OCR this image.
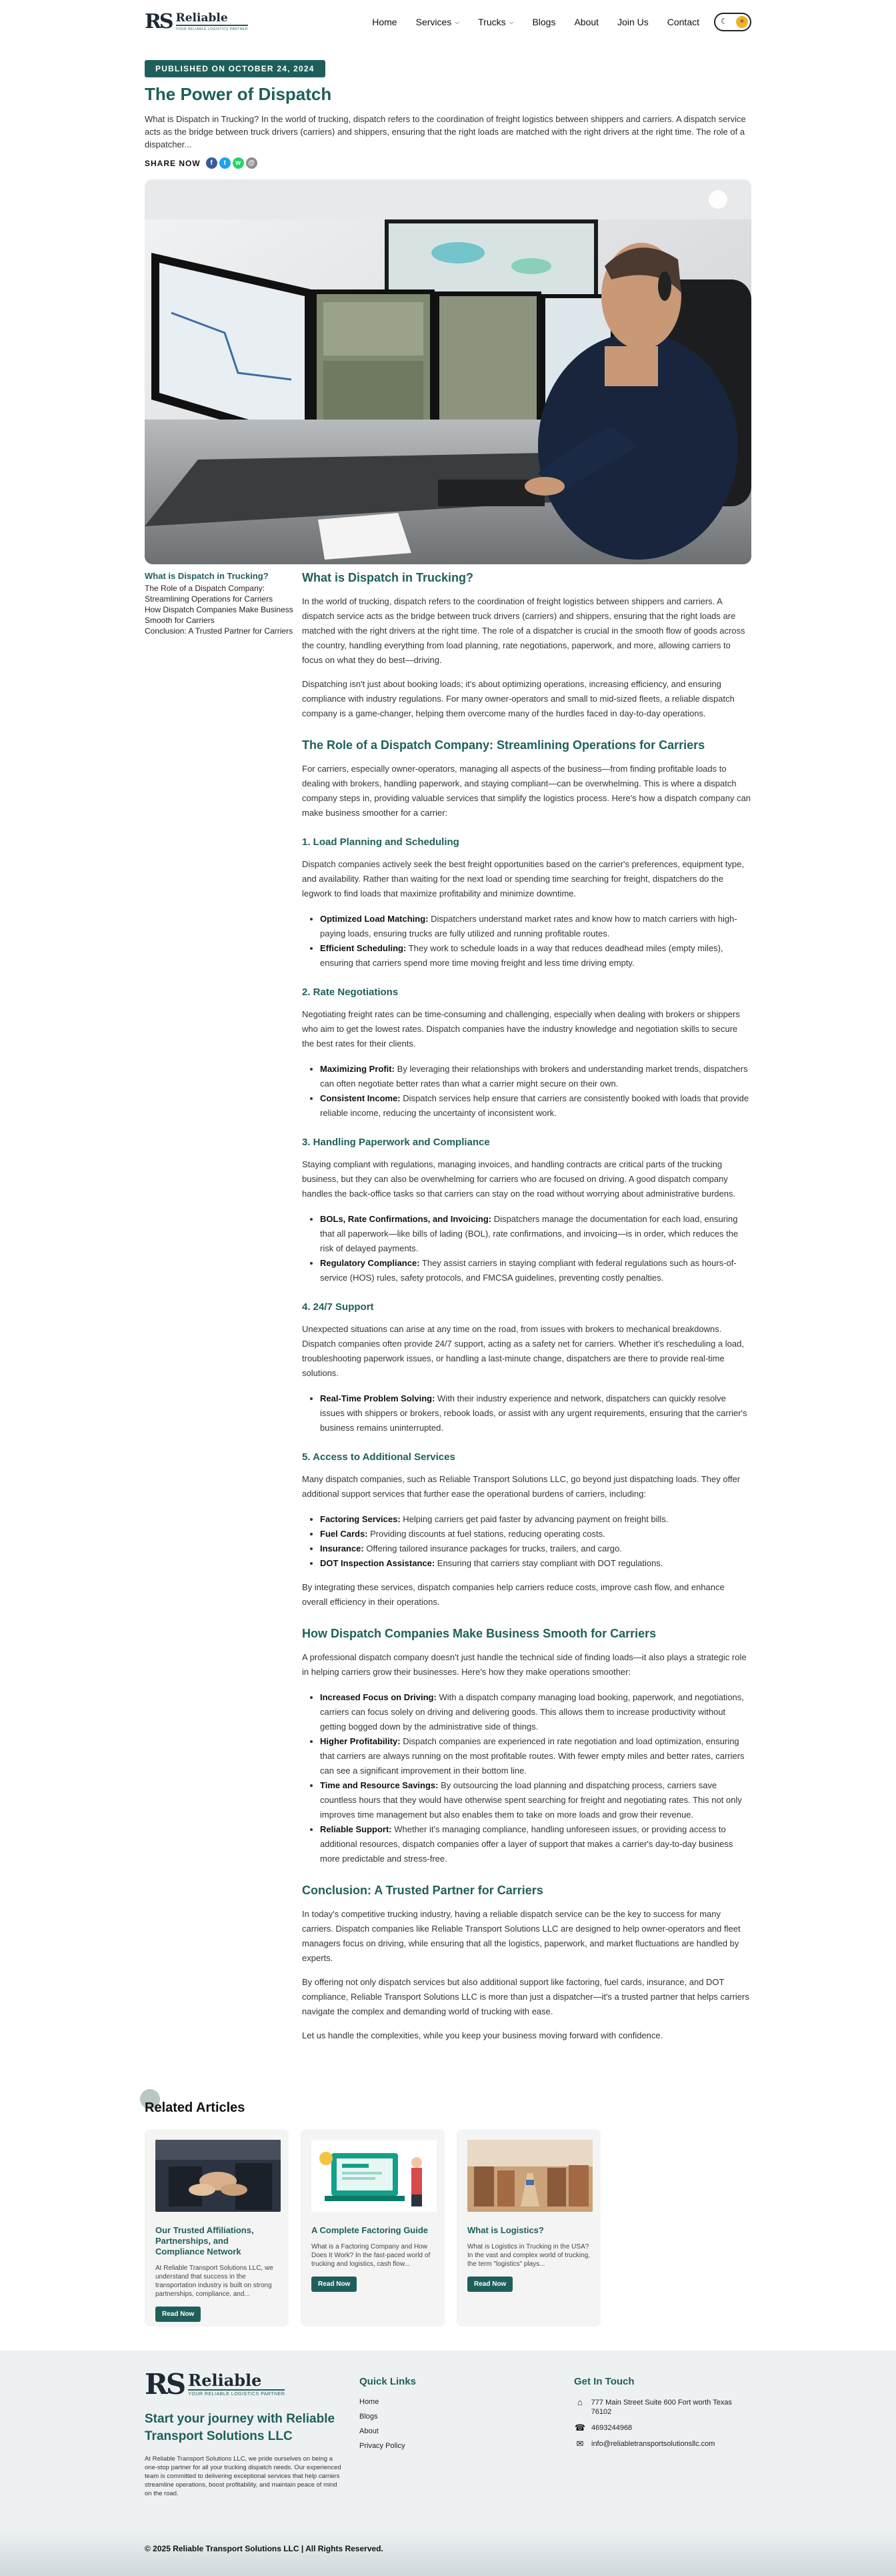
RS Reliable
YOUR RELIABLE LOGISTICS PARTNER
Home Services ⌵ Trucks ⌵ Blogs About Join Us Contact	☾	☀
PUBLISHED ON OCTOBER 24, 2024
The Power of Dispatch

What is Dispatch in Trucking? In the world of trucking, dispatch refers to the coordination of freight logistics between shippers and carriers. A dispatch service acts as the bridge between truck drivers (carriers) and shippers, ensuring that the right loads are matched with the right drivers at the right time. The role of a dispatcher...

SHARE NOW	f	t	w	@
What is Dispatch in Trucking?
The Role of a Dispatch Company: Streamlining Operations for Carriers
How Dispatch Companies Make Business Smooth for Carriers
Conclusion: A Trusted Partner for Carriers
What is Dispatch in Trucking?

In the world of trucking, dispatch refers to the coordination of freight logistics between shippers and carriers. A dispatch service acts as the bridge between truck drivers (carriers) and shippers, ensuring that the right loads are matched with the right drivers at the right time. The role of a dispatcher is crucial in the smooth flow of goods across the country, handling everything from load planning, rate negotiations, paperwork, and more, allowing carriers to focus on what they do best—driving.

Dispatching isn't just about booking loads; it's about optimizing operations, increasing efficiency, and ensuring compliance with industry regulations. For many owner-operators and small to mid-sized fleets, a reliable dispatch company is a game-changer, helping them overcome many of the hurdles faced in day-to-day operations.

The Role of a Dispatch Company: Streamlining Operations for Carriers

For carriers, especially owner-operators, managing all aspects of the business—from finding profitable loads to dealing with brokers, handling paperwork, and staying compliant—can be overwhelming. This is where a dispatch company steps in, providing valuable services that simplify the logistics process. Here's how a dispatch company can make business smoother for a carrier:

1. Load Planning and Scheduling

Dispatch companies actively seek the best freight opportunities based on the carrier's preferences, equipment type, and availability. Rather than waiting for the next load or spending time searching for freight, dispatchers do the legwork to find loads that maximize profitability and minimize downtime.

• Optimized Load Matching: Dispatchers understand market rates and know how to match carriers with high-paying loads, ensuring trucks are fully utilized and running profitable routes.
• Efficient Scheduling: They work to schedule loads in a way that reduces deadhead miles (empty miles), ensuring that carriers spend more time moving freight and less time driving empty.
2. Rate Negotiations

Negotiating freight rates can be time-consuming and challenging, especially when dealing with brokers or shippers who aim to get the lowest rates. Dispatch companies have the industry knowledge and negotiation skills to secure the best rates for their clients.

• Maximizing Profit: By leveraging their relationships with brokers and understanding market trends, dispatchers can often negotiate better rates than what a carrier might secure on their own.
• Consistent Income: Dispatch services help ensure that carriers are consistently booked with loads that provide reliable income, reducing the uncertainty of inconsistent work.
3. Handling Paperwork and Compliance

Staying compliant with regulations, managing invoices, and handling contracts are critical parts of the trucking business, but they can also be overwhelming for carriers who are focused on driving. A good dispatch company handles the back-office tasks so that carriers can stay on the road without worrying about administrative burdens.

• BOLs, Rate Confirmations, and Invoicing: Dispatchers manage the documentation for each load, ensuring that all paperwork—like bills of lading (BOL), rate confirmations, and invoicing—is in order, which reduces the risk of delayed payments.
• Regulatory Compliance: They assist carriers in staying compliant with federal regulations such as hours-of-service (HOS) rules, safety protocols, and FMCSA guidelines, preventing costly penalties.
4. 24/7 Support

Unexpected situations can arise at any time on the road, from issues with brokers to mechanical breakdowns. Dispatch companies often provide 24/7 support, acting as a safety net for carriers. Whether it's rescheduling a load, troubleshooting paperwork issues, or handling a last-minute change, dispatchers are there to provide real-time solutions.

• Real-Time Problem Solving: With their industry experience and network, dispatchers can quickly resolve issues with shippers or brokers, rebook loads, or assist with any urgent requirements, ensuring that the carrier's business remains uninterrupted.
5. Access to Additional Services

Many dispatch companies, such as Reliable Transport Solutions LLC, go beyond just dispatching loads. They offer additional support services that further ease the operational burdens of carriers, including:

• Factoring Services: Helping carriers get paid faster by advancing payment on freight bills.
• Fuel Cards: Providing discounts at fuel stations, reducing operating costs.
• Insurance: Offering tailored insurance packages for trucks, trailers, and cargo.
• DOT Inspection Assistance: Ensuring that carriers stay compliant with DOT regulations.

By integrating these services, dispatch companies help carriers reduce costs, improve cash flow, and enhance overall efficiency in their operations.

How Dispatch Companies Make Business Smooth for Carriers

A professional dispatch company doesn't just handle the technical side of finding loads—it also plays a strategic role in helping carriers grow their businesses. Here's how they make operations smoother:

• Increased Focus on Driving: With a dispatch company managing load booking, paperwork, and negotiations, carriers can focus solely on driving and delivering goods. This allows them to increase productivity without getting bogged down by the administrative side of things.
• Higher Profitability: Dispatch companies are experienced in rate negotiation and load optimization, ensuring that carriers are always running on the most profitable routes. With fewer empty miles and better rates, carriers can see a significant improvement in their bottom line.
• Time and Resource Savings: By outsourcing the load planning and dispatching process, carriers save countless hours that they would have otherwise spent searching for freight and negotiating rates. This not only improves time management but also enables them to take on more loads and grow their revenue.
• Reliable Support: Whether it's managing compliance, handling unforeseen issues, or providing access to additional resources, dispatch companies offer a layer of support that makes a carrier's day-to-day business more predictable and stress-free.
Conclusion: A Trusted Partner for Carriers

In today's competitive trucking industry, having a reliable dispatch service can be the key to success for many carriers. Dispatch companies like Reliable Transport Solutions LLC are designed to help owner-operators and fleet managers focus on driving, while ensuring that all the logistics, paperwork, and market fluctuations are handled by experts.

By offering not only dispatch services but also additional support like factoring, fuel cards, insurance, and DOT compliance, Reliable Transport Solutions LLC is more than just a dispatcher—it's a trusted partner that helps carriers navigate the complex and demanding world of trucking with ease.

Let us handle the complexities, while you keep your business moving forward with confidence.

Related Articles
Our Trusted Affiliations, Partnerships, and Compliance Network

At Reliable Transport Solutions LLC, we understand that success in the transportation industry is built on strong partnerships, compliance, and...

Read Now
A Complete Factoring Guide

What is a Factoring Company and How Does It Work? In the fast-paced world of trucking and logistics, cash flow...

Read Now
What is Logistics?

What is Logistics in Trucking in the USA? In the vast and complex world of trucking, the term "logistics" plays...

Read Now
RS Reliable
YOUR RELIABLE LOGISTICS PARTNER
Start your journey with Reliable Transport Solutions LLC
At Reliable Transport Solutions LLC, we pride ourselves on being a one-stop partner for all your trucking dispatch needs. Our experienced team is committed to delivering exceptional services that help carriers streamline operations, boost profitability, and maintain peace of mind on the road.
Quick Links
Home
Blogs
About
Privacy Policy
Get In Touch
⌂	777 Main Street Suite 600 Fort worth Texas 76102
☎ 4693244968
✉	info@reliabletransportsolutionsllc.com
© 2025 Reliable Transport Solutions LLC | All Rights Reserved.
